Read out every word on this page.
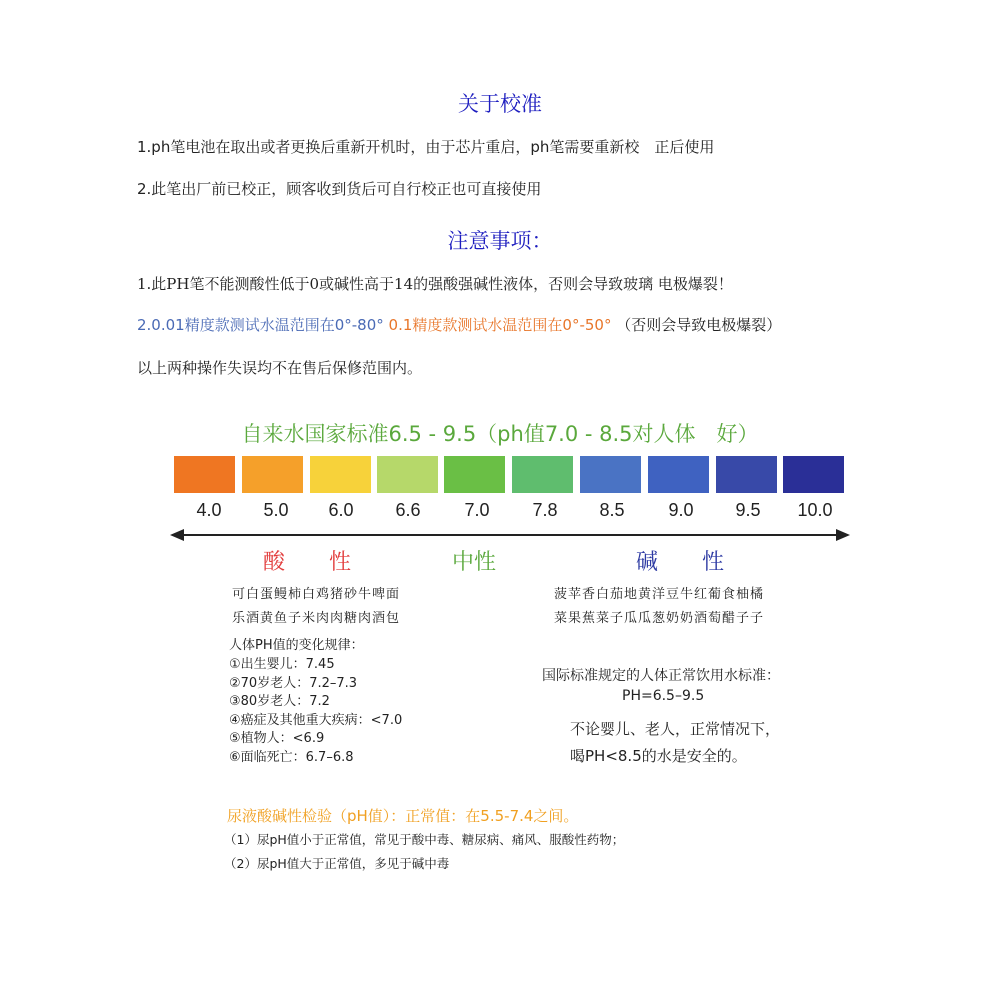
关于校准
1.ph笔电池在取出或者更换后重新开机时，由于芯片重启，ph笔需要重新校　正后使用
2.此笔出厂前已校正，顾客收到货后可自行校正也可直接使用
注意事项：
1.此PH笔不能测酸性低于0或碱性高于14的强酸强碱性液体，否则会导致玻璃 电极爆裂！
2.0.01精度款测试水温范围在0°-80° 0.1精度款测试水温范围在0°-50° （否则会导致电极爆裂）
以上两种操作失误均不在售后保修范围内。
自来水国家标准6.5 - 9.5（ph值7.0 - 8.5对人体　好）
4.0	5.0	6.0	6.6	7.0	7.8	8.5	9.0	9.5	10.0
酸　　性	中性	碱　　性
可白蛋鳗柿白鸡猪砂牛啤面
乐酒黄鱼子米肉肉糖肉酒包
菠苹香白茄地黄洋豆牛红葡食柚橘
菜果蕉菜子瓜瓜葱奶奶酒萄醋子子
人体PH值的变化规律：
①出生婴儿：7.45
②70岁老人：7.2–7.3
③80岁老人：7.2
④癌症及其他重大疾病：<7.0
⑤植物人：<6.9
⑥面临死亡：6.7–6.8
国际标准规定的人体正常饮用水标准：
PH=6.5–9.5
不论婴儿、老人，正常情况下，
喝PH<8.5的水是安全的。
尿液酸碱性检验（pH值）：正常值：在5.5-7.4之间。
（1）尿pH值小于正常值，常见于酸中毒、糖尿病、痛风、服酸性药物；
（2）尿pH值大于正常值，多见于碱中毒
